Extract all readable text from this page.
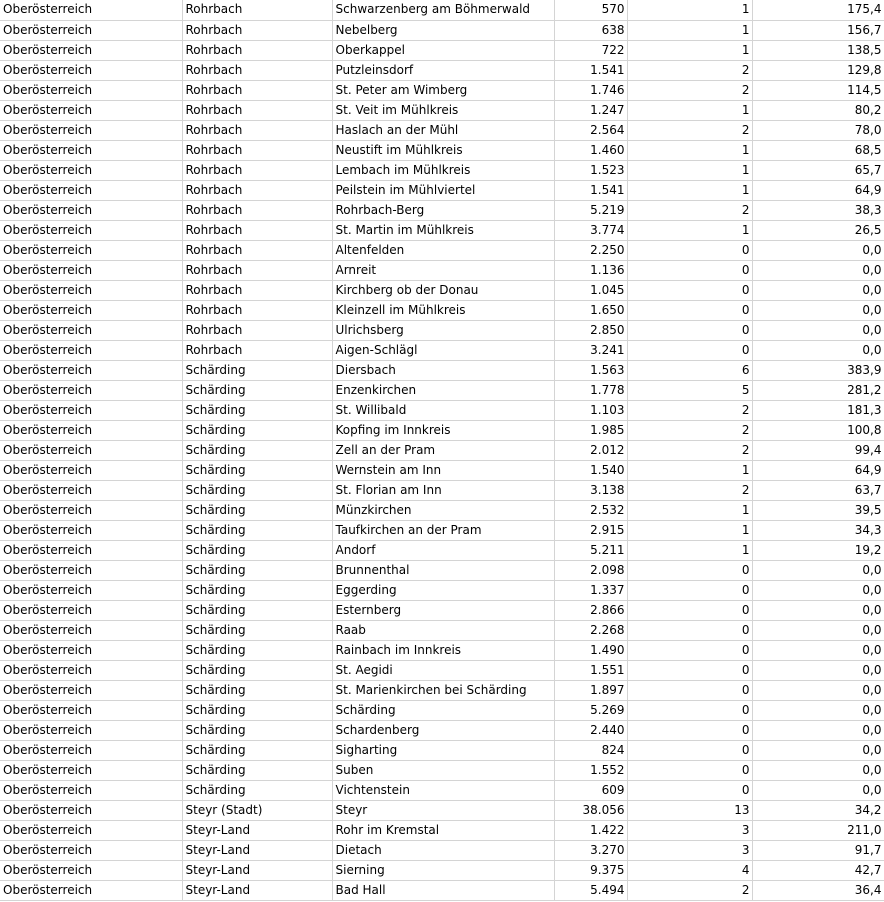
Oberösterreich	Rohrbach	Schwarzenberg am Böhmerwald	570	1	175,4
Oberösterreich	Rohrbach	Nebelberg	638	1	156,7
Oberösterreich	Rohrbach	Oberkappel	722	1	138,5
Oberösterreich	Rohrbach	Putzleinsdorf	1.541	2	129,8
Oberösterreich	Rohrbach	St. Peter am Wimberg	1.746	2	114,5
Oberösterreich	Rohrbach	St. Veit im Mühlkreis	1.247	1	80,2
Oberösterreich	Rohrbach	Haslach an der Mühl	2.564	2	78,0
Oberösterreich	Rohrbach	Neustift im Mühlkreis	1.460	1	68,5
Oberösterreich	Rohrbach	Lembach im Mühlkreis	1.523	1	65,7
Oberösterreich	Rohrbach	Peilstein im Mühlviertel	1.541	1	64,9
Oberösterreich	Rohrbach	Rohrbach-Berg	5.219	2	38,3
Oberösterreich	Rohrbach	St. Martin im Mühlkreis	3.774	1	26,5
Oberösterreich	Rohrbach	Altenfelden	2.250	0	0,0
Oberösterreich	Rohrbach	Arnreit	1.136	0	0,0
Oberösterreich	Rohrbach	Kirchberg ob der Donau	1.045	0	0,0
Oberösterreich	Rohrbach	Kleinzell im Mühlkreis	1.650	0	0,0
Oberösterreich	Rohrbach	Ulrichsberg	2.850	0	0,0
Oberösterreich	Rohrbach	Aigen-Schlägl	3.241	0	0,0
Oberösterreich	Schärding	Diersbach	1.563	6	383,9
Oberösterreich	Schärding	Enzenkirchen	1.778	5	281,2
Oberösterreich	Schärding	St. Willibald	1.103	2	181,3
Oberösterreich	Schärding	Kopfing im Innkreis	1.985	2	100,8
Oberösterreich	Schärding	Zell an der Pram	2.012	2	99,4
Oberösterreich	Schärding	Wernstein am Inn	1.540	1	64,9
Oberösterreich	Schärding	St. Florian am Inn	3.138	2	63,7
Oberösterreich	Schärding	Münzkirchen	2.532	1	39,5
Oberösterreich	Schärding	Taufkirchen an der Pram	2.915	1	34,3
Oberösterreich	Schärding	Andorf	5.211	1	19,2
Oberösterreich	Schärding	Brunnenthal	2.098	0	0,0
Oberösterreich	Schärding	Eggerding	1.337	0	0,0
Oberösterreich	Schärding	Esternberg	2.866	0	0,0
Oberösterreich	Schärding	Raab	2.268	0	0,0
Oberösterreich	Schärding	Rainbach im Innkreis	1.490	0	0,0
Oberösterreich	Schärding	St. Aegidi	1.551	0	0,0
Oberösterreich	Schärding	St. Marienkirchen bei Schärding	1.897	0	0,0
Oberösterreich	Schärding	Schärding	5.269	0	0,0
Oberösterreich	Schärding	Schardenberg	2.440	0	0,0
Oberösterreich	Schärding	Sigharting	824	0	0,0
Oberösterreich	Schärding	Suben	1.552	0	0,0
Oberösterreich	Schärding	Vichtenstein	609	0	0,0
Oberösterreich	Steyr (Stadt)	Steyr	38.056	13	34,2
Oberösterreich	Steyr-Land	Rohr im Kremstal	1.422	3	211,0
Oberösterreich	Steyr-Land	Dietach	3.270	3	91,7
Oberösterreich	Steyr-Land	Sierning	9.375	4	42,7
Oberösterreich	Steyr-Land	Bad Hall	5.494	2	36,4
